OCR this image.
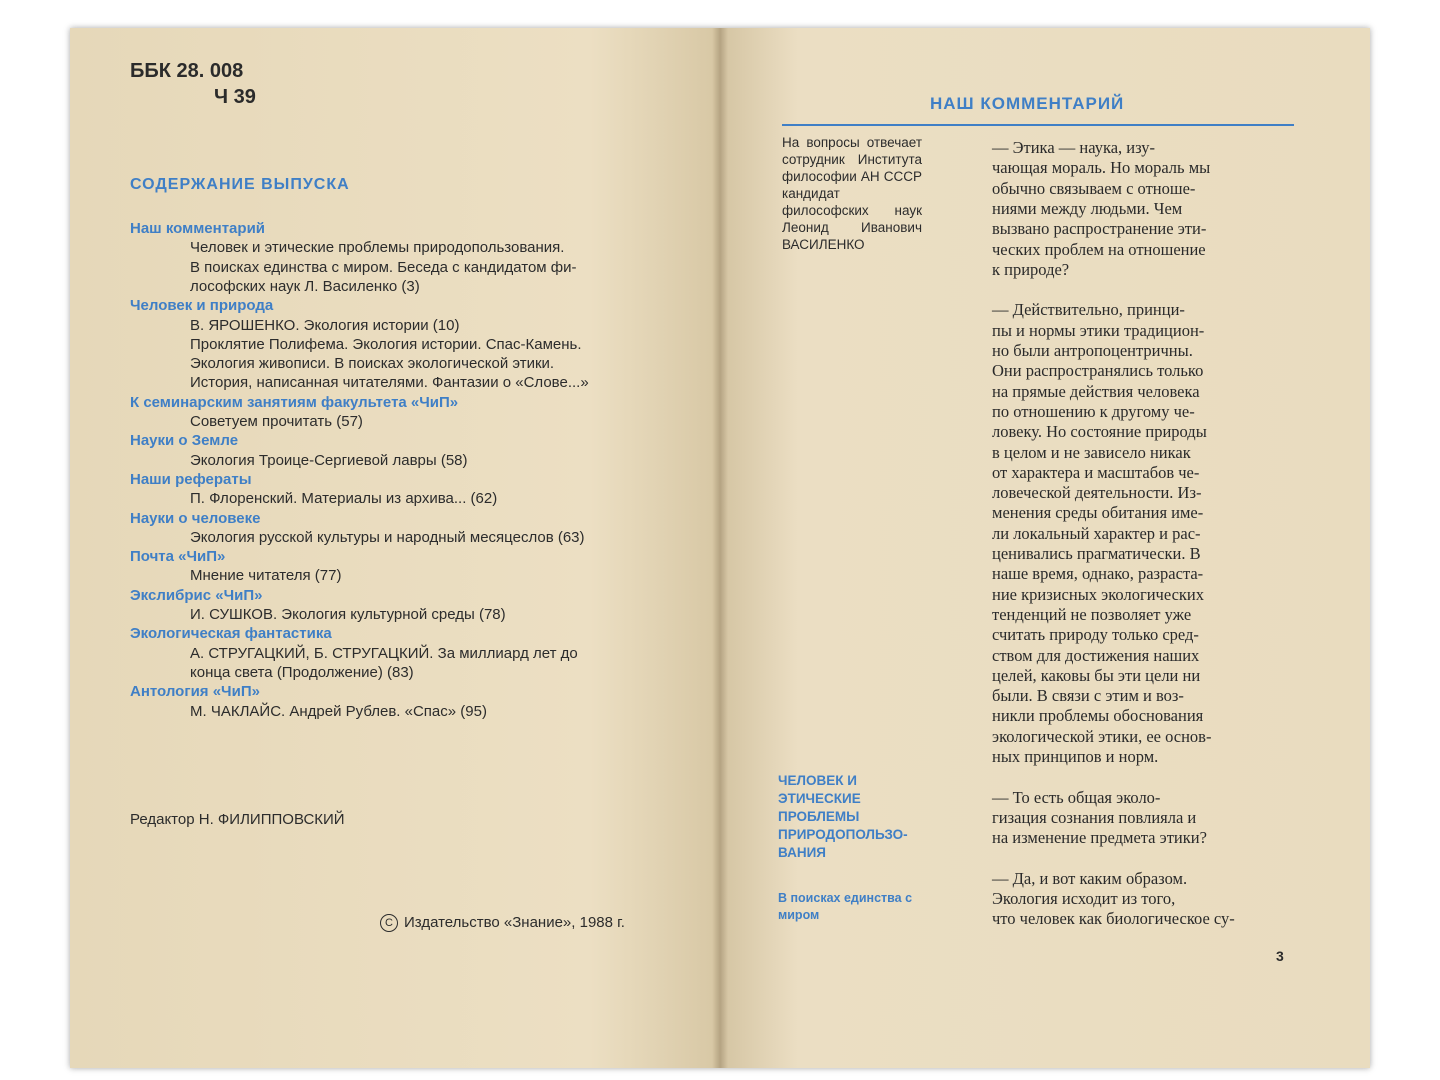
ББК 28. 008
Ч 39
СОДЕРЖАНИЕ ВЫПУСКА
Наш комментарий
Человек и этические проблемы природопользования.
В поисках единства с миром. Беседа с кандидатом фи-
лософских наук Л. Василенко (3)
Человек и природа
В. ЯРОШЕНКО. Экология истории (10)
Проклятие Полифема. Экология истории. Спас-Камень.
Экология живописи. В поисках экологической этики.
История, написанная читателями. Фантазии о «Слове...»
К семинарским занятиям факультета «ЧиП»
Советуем прочитать (57)
Науки о Земле
Экология Троице-Сергиевой лавры (58)
Наши рефераты
П. Флоренский. Материалы из архива... (62)
Науки о человеке
Экология русской культуры и народный месяцеслов (63)
Почта «ЧиП»
Мнение читателя (77)
Экслибрис «ЧиП»
И. СУШКОВ. Экология культурной среды (78)
Экологическая фантастика
А. СТРУГАЦКИЙ, Б. СТРУГАЦКИЙ. За миллиард лет до
конца света (Продолжение) (83)
Антология «ЧиП»
М. ЧАКЛАЙС. Андрей Рублев. «Спас» (95)
Редактор Н. ФИЛИППОВСКИЙ
C Издательство «Знание», 1988 г.
НАШ КОММЕНТАРИЙ
На вопросы отвечает сотрудник Института философии АН СССР кандидат философских наук Леонид Иванович ВАСИЛЕНКО
ЧЕЛОВЕК И ЭТИЧЕСКИЕ ПРОБЛЕМЫ ПРИРОДОПОЛЬЗО- ВАНИЯ
В поисках единства с миром
— Этика — наука, изу-
чающая мораль. Но мораль мы
обычно связываем с отноше-
ниями между людьми. Чем
вызвано распространение эти-
ческих проблем на отношение
к природе?
— Действительно, принци-
пы и нормы этики традицион-
но были антропоцентричны.
Они распространялись только
на прямые действия человека
по отношению к другому че-
ловеку. Но состояние природы
в целом и не зависело никак
от характера и масштабов че-
ловеческой деятельности. Из-
менения среды обитания име-
ли локальный характер и рас-
ценивались прагматически. В
наше время, однако, разраста-
ние кризисных экологических
тенденций не позволяет уже
считать природу только сред-
ством для достижения наших
целей, каковы бы эти цели ни
были. В связи с этим и воз-
никли проблемы обоснования
экологической этики, ее основ-
ных принципов и норм.
— То есть общая эколо-
гизация сознания повлияла и
на изменение предмета этики?
— Да, и вот каким образом.
Экология исходит из того,
что человек как биологическое су-
3
